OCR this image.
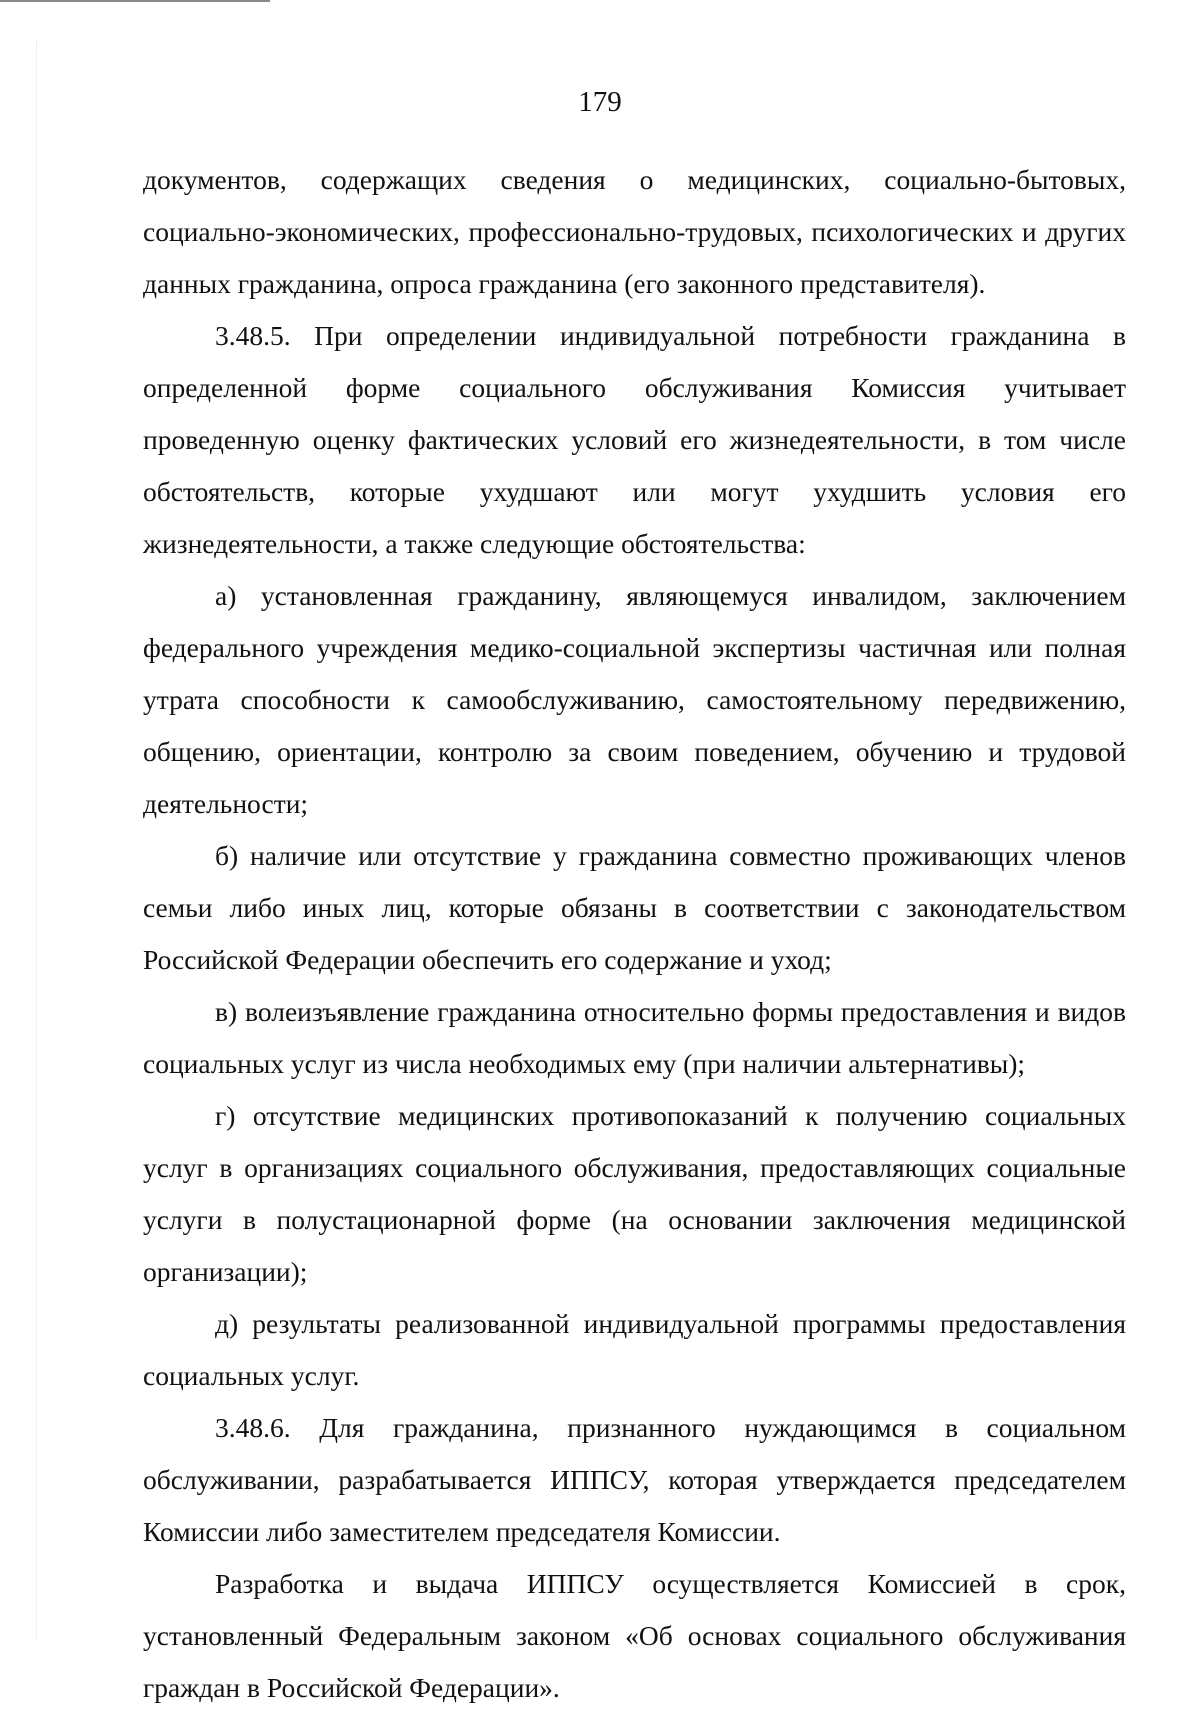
179

документов, содержащих сведения о медицинских, социально-бытовых, социально-экономических, профессионально-трудовых, психологических и других данных гражданина, опроса гражданина (его законного представителя).

3.48.5. При определении индивидуальной потребности гражданина в определенной форме социального обслуживания Комиссия учитывает проведенную оценку фактических условий его жизнедеятельности, в том числе обстоятельств, которые ухудшают или могут ухудшить условия его жизнедеятельности, а также следующие обстоятельства:

а) установленная гражданину, являющемуся инвалидом, заключением федерального учреждения медико-социальной экспертизы частичная или полная утрата способности к самообслуживанию, самостоятельному передвижению, общению, ориентации, контролю за своим поведением, обучению и трудовой деятельности;

б) наличие или отсутствие у гражданина совместно проживающих членов семьи либо иных лиц, которые обязаны в соответствии с законодательством Российской Федерации обеспечить его содержание и уход;

в) волеизъявление гражданина относительно формы предоставления и видов социальных услуг из числа необходимых ему (при наличии альтернативы);

г) отсутствие медицинских противопоказаний к получению социальных услуг в организациях социального обслуживания, предоставляющих социальные услуги в полустационарной форме (на основании заключения медицинской организации);

д) результаты реализованной индивидуальной программы предоставления социальных услуг.

3.48.6. Для гражданина, признанного нуждающимся в социальном обслуживании, разрабатывается ИППСУ, которая утверждается председателем Комиссии либо заместителем председателя Комиссии.

Разработка и выдача ИППСУ осуществляется Комиссией в срок, установленный Федеральным законом «Об основах социального обслуживания граждан в Российской Федерации».
